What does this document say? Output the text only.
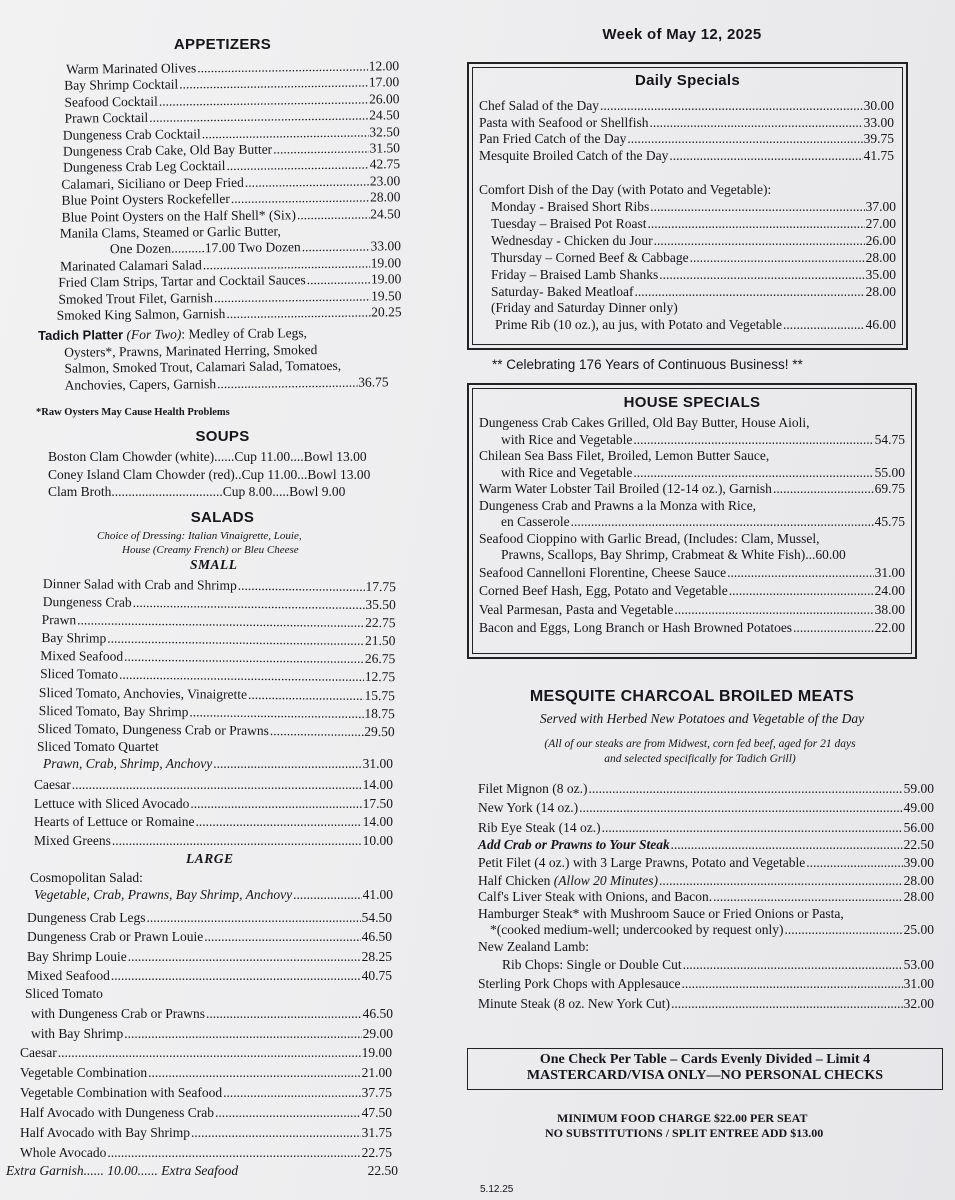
APPETIZERS
Warm Marinated Olives .....	12.00
Bay Shrimp Cocktail .....	17.00
Seafood Cocktail .....	26.00
Prawn Cocktail .....	24.50
Dungeness Crab Cocktail .....	32.50
Dungeness Crab Cake, Old Bay Butter .....	31.50
Dungeness Crab Leg Cocktail .....	42.75
Calamari, Siciliano or Deep Fried .....	23.00
Blue Point Oysters Rockefeller .....	28.00
Blue Point Oysters on the Half Shell* (Six) .....	24.50
Manila Clams, Steamed or Garlic Butter,
One Dozen..........17.00 Two Dozen .....	33.00
Marinated Calamari Salad .....	19.00
Fried Clam Strips, Tartar and Cocktail Sauces .....	19.00
Smoked Trout Filet, Garnish .....	19.50
Smoked King Salmon, Garnish .....	20.25
Tadich Platter (For Two): Medley of Crab Legs,
Oysters*, Prawns, Marinated Herring, Smoked
Salmon, Smoked Trout, Calamari Salad, Tomatoes,
Anchovies, Capers, Garnish .....	36.75
*Raw Oysters May Cause Health Problems
SOUPS
Boston Clam Chowder (white)......Cup 11.00....Bowl 13.00
Coney Island Clam Chowder (red)..Cup 11.00...Bowl 13.00
Clam Broth.................................Cup 8.00.....Bowl 9.00
SALADS
Choice of Dressing: Italian Vinaigrette, Louie,
House (Creamy French) or Bleu Cheese
SMALL
Dinner Salad with Crab and Shrimp .....	17.75
Dungeness Crab .....	35.50
Prawn .....	22.75
Bay Shrimp .....	21.50
Mixed Seafood .....	26.75
Sliced Tomato .....	12.75
Sliced Tomato, Anchovies, Vinaigrette .....	15.75
Sliced Tomato, Bay Shrimp .....	18.75
Sliced Tomato, Dungeness Crab or Prawns .....	29.50
Sliced Tomato Quartet
Prawn, Crab, Shrimp, Anchovy .....	31.00
Caesar .....	14.00
Lettuce with Sliced Avocado .....	17.50
Hearts of Lettuce or Romaine .....	14.00
Mixed Greens .....	10.00
LARGE
Cosmopolitan Salad:
Vegetable, Crab, Prawns, Bay Shrimp, Anchovy .....	41.00
Dungeness Crab Legs .....	54.50
Dungeness Crab or Prawn Louie .....	46.50
Bay Shrimp Louie .....	28.25
Mixed Seafood .....	40.75
Sliced Tomato
with Dungeness Crab or Prawns .....	46.50
with Bay Shrimp .....	29.00
Caesar .....	19.00
Vegetable Combination .....	21.00
Vegetable Combination with Seafood .....	37.75
Half Avocado with Dungeness Crab .....	47.50
Half Avocado with Bay Shrimp .....	31.75
Whole Avocado .....	22.75
Extra Garnish...... 10.00...... Extra Seafood	22.50
Week of May 12, 2025
Daily Specials
Chef Salad of the Day .....	30.00
Pasta with Seafood or Shellfish .....	33.00
Pan Fried Catch of the Day .....	39.75
Mesquite Broiled Catch of the Day .....	41.75
Comfort Dish of the Day (with Potato and Vegetable):
Monday - Braised Short Ribs .....	37.00
Tuesday – Braised Pot Roast .....	27.00
Wednesday - Chicken du Jour .....	26.00
Thursday – Corned Beef & Cabbage .....	28.00
Friday – Braised Lamb Shanks .....	35.00
Saturday- Baked Meatloaf .....	28.00
(Friday and Saturday Dinner only)
Prime Rib (10 oz.), au jus, with Potato and Vegetable .....	46.00
** Celebrating 176 Years of Continuous Business! **
HOUSE SPECIALS
Dungeness Crab Cakes Grilled, Old Bay Butter, House Aioli,
with Rice and Vegetable .....	54.75
Chilean Sea Bass Filet, Broiled, Lemon Butter Sauce,
with Rice and Vegetable .....	55.00
Warm Water Lobster Tail Broiled (12-14 oz.), Garnish .....	69.75
Dungeness Crab and Prawns a la Monza with Rice,
en Casserole .....	45.75
Seafood Cioppino with Garlic Bread, (Includes: Clam, Mussel,
Prawns, Scallops, Bay Shrimp, Crabmeat & White Fish) ... 60.00
Seafood Cannelloni Florentine, Cheese Sauce .....	31.00
Corned Beef Hash, Egg, Potato and Vegetable .....	24.00
Veal Parmesan, Pasta and Vegetable .....	38.00
Bacon and Eggs, Long Branch or Hash Browned Potatoes .....	22.00
MESQUITE CHARCOAL BROILED MEATS
Served with Herbed New Potatoes and Vegetable of the Day
(All of our steaks are from Midwest, corn fed beef, aged for 21 days
and selected specifically for Tadich Grill)
Filet Mignon (8 oz.) .....	59.00
New York (14 oz.) .....	49.00
Rib Eye Steak (14 oz.) .....	56.00
Add Crab or Prawns to Your Steak .....	22.50
Petit Filet (4 oz.) with 3 Large Prawns, Potato and Vegetable .....	39.00
Half Chicken
(Allow 20 Minutes) .....	28.00
Calf's Liver Steak with Onions, and Bacon. .....	28.00
Hamburger Steak* with Mushroom Sauce or Fried Onions or Pasta,
*(cooked medium-well; undercooked by request only) .....	25.00
New Zealand Lamb:
Rib Chops: Single or Double Cut .....	53.00
Sterling Pork Chops with Applesauce .....	31.00
Minute Steak (8 oz. New York Cut) .....	32.00
One Check Per Table – Cards Evenly Divided – Limit 4
MASTERCARD/VISA ONLY—NO PERSONAL CHECKS
MINIMUM FOOD CHARGE $22.00 PER SEAT
NO SUBSTITUTIONS / SPLIT ENTREE ADD $13.00
5.12.25
